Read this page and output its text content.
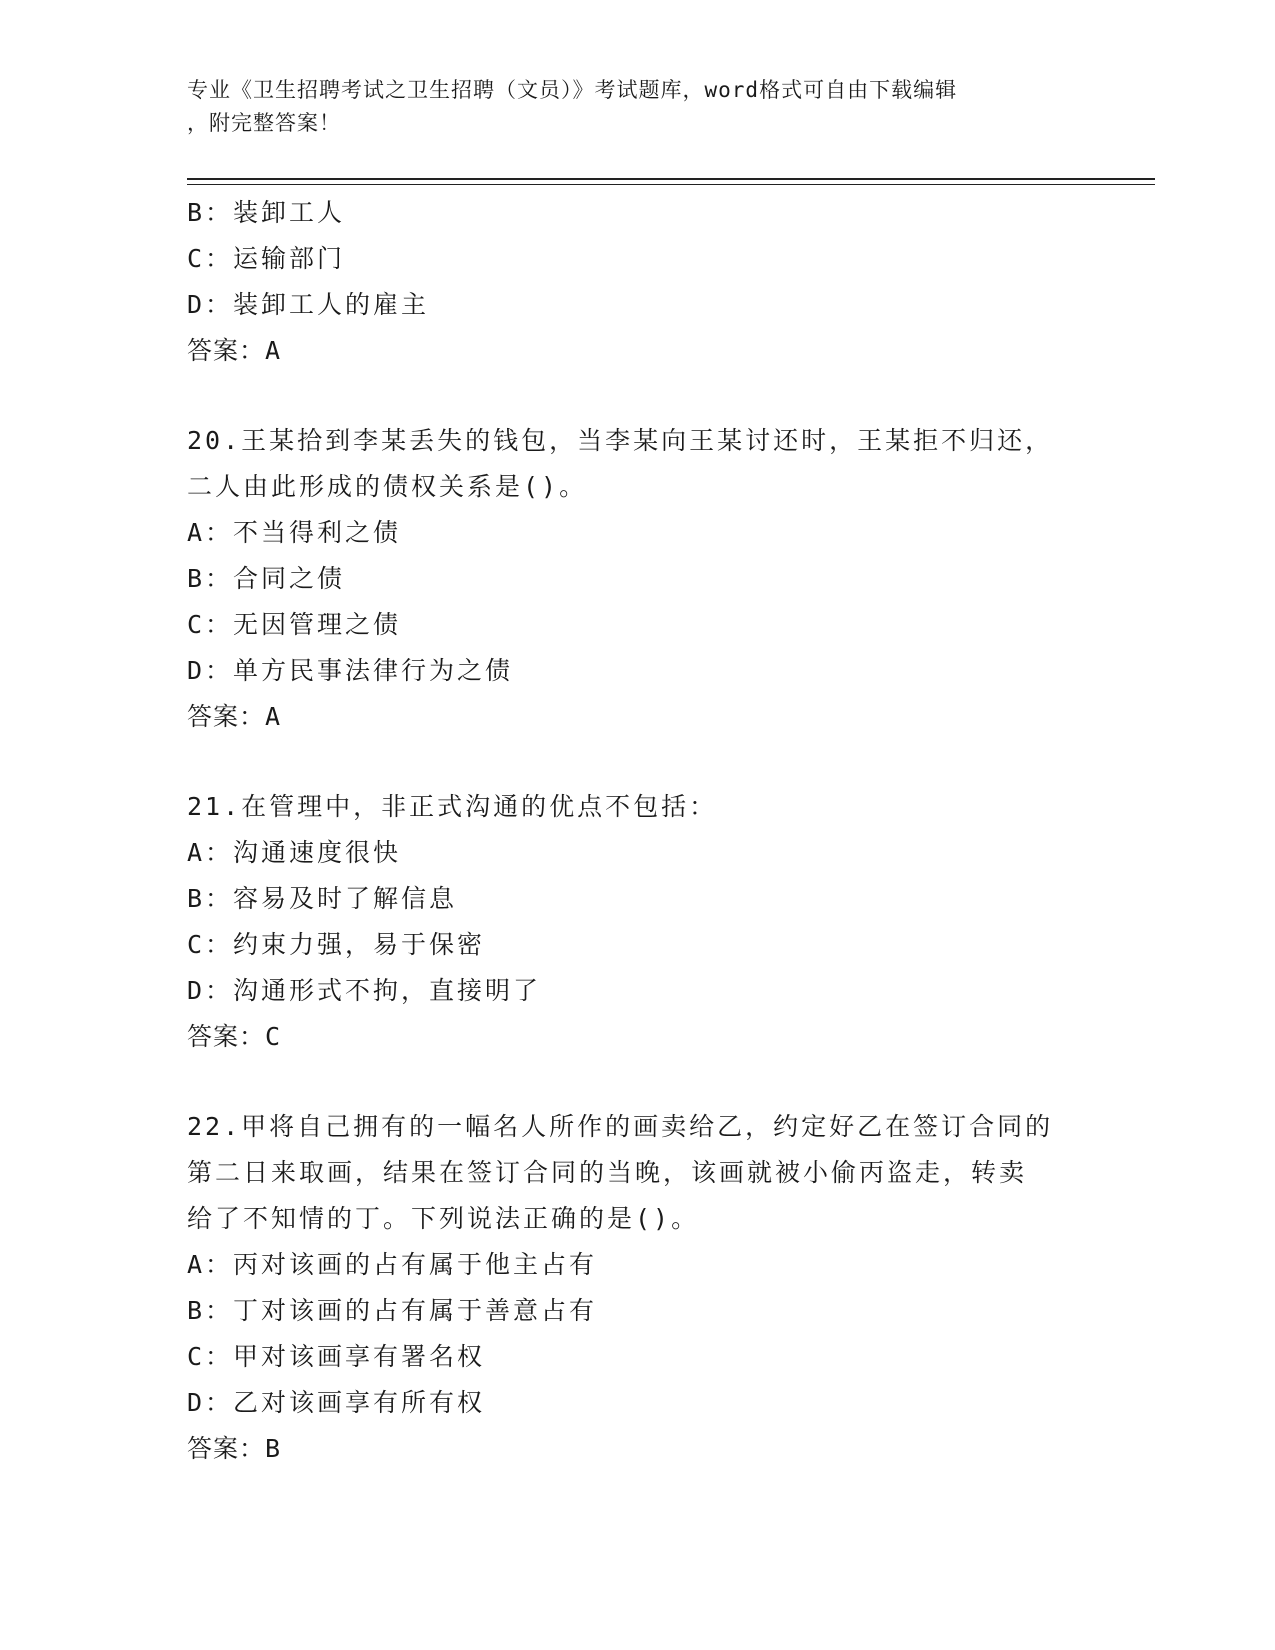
专业《卫生招聘考试之卫生招聘（文员）》考试题库，word格式可自由下载编辑
，附完整答案！
B：装卸工人
C：运输部门
D：装卸工人的雇主
答案：A
20.王某拾到李某丢失的钱包，当李某向王某讨还时，王某拒不归还，
二人由此形成的债权关系是()。
A：不当得利之债
B：合同之债
C：无因管理之债
D：单方民事法律行为之债
答案：A
21.在管理中，非正式沟通的优点不包括：
A：沟通速度很快
B：容易及时了解信息
C：约束力强，易于保密
D：沟通形式不拘，直接明了
答案：C
22.甲将自己拥有的一幅名人所作的画卖给乙，约定好乙在签订合同的
第二日来取画，结果在签订合同的当晚，该画就被小偷丙盗走，转卖
给了不知情的丁。下列说法正确的是()。
A：丙对该画的占有属于他主占有
B：丁对该画的占有属于善意占有
C：甲对该画享有署名权
D：乙对该画享有所有权
答案：B
